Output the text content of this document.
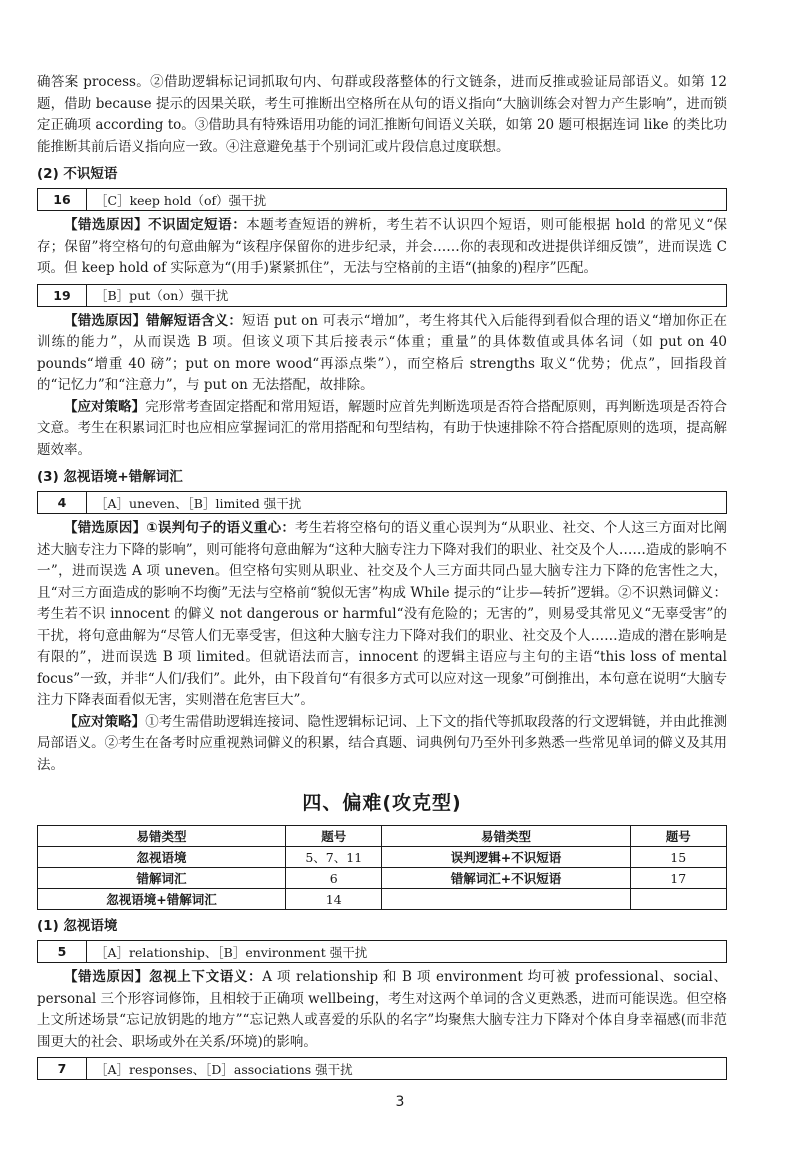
确答案 process。②借助逻辑标记词抓取句内、句群或段落整体的行文链条，进而反推或验证局部语义。如第 12 题，借助 because 提示的因果关联，考生可推断出空格所在从句的语义指向“大脑训练会对智力产生影响”，进而锁定正确项 according to。③借助具有特殊语用功能的词汇推断句间语义关联，如第 20 题可根据连词 like 的类比功能推断其前后语义指向应一致。④注意避免基于个别词汇或片段信息过度联想。

(2) 不识短语
16	［C］keep hold（of）强干扰

【错选原因】不识固定短语：本题考查短语的辨析，考生若不认识四个短语，则可能根据 hold 的常见义“保存；保留”将空格句的句意曲解为“该程序保留你的进步纪录，并会……你的表现和改进提供详细反馈”，进而误选 C 项。但 keep hold of 实际意为“(用手)紧紧抓住”，无法与空格前的主语“(抽象的)程序”匹配。

19	［B］put（on）强干扰

【错选原因】错解短语含义：短语 put on 可表示“增加”，考生将其代入后能得到看似合理的语义“增加你正在训练的能力”，从而误选 B 项。但该义项下其后接表示“体重；重量”的具体数值或具体名词（如 put on 40 pounds“增重 40 磅”；put on more wood“再添点柴”），而空格后 strengths 取义“优势；优点”，回指段首的“记忆力”和“注意力”，与 put on 无法搭配，故排除。

【应对策略】完形常考查固定搭配和常用短语，解题时应首先判断选项是否符合搭配原则，再判断选项是否符合文意。考生在积累词汇时也应相应掌握词汇的常用搭配和句型结构，有助于快速排除不符合搭配原则的选项，提高解题效率。

(3) 忽视语境+错解词汇
4	［A］uneven、［B］limited 强干扰

【错选原因】①误判句子的语义重心：考生若将空格句的语义重心误判为“从职业、社交、个人这三方面对比阐述大脑专注力下降的影响”，则可能将句意曲解为“这种大脑专注力下降对我们的职业、社交及个人……造成的影响不一”，进而误选 A 项 uneven。但空格句实则从职业、社交及个人三方面共同凸显大脑专注力下降的危害性之大，且“对三方面造成的影响不均衡”无法与空格前“貌似无害”构成 While 提示的“让步—转折”逻辑。②不识熟词僻义：考生若不识 innocent 的僻义 not dangerous or harmful“没有危险的；无害的”，则易受其常见义“无辜受害”的干扰，将句意曲解为“尽管人们无辜受害，但这种大脑专注力下降对我们的职业、社交及个人……造成的潜在影响是有限的”，进而误选 B 项 limited。但就语法而言，innocent 的逻辑主语应与主句的主语“this loss of mental focus”一致，并非“人们/我们”。此外，由下段首句“有很多方式可以应对这一现象”可倒推出，本句意在说明“大脑专注力下降表面看似无害，实则潜在危害巨大”。

【应对策略】①考生需借助逻辑连接词、隐性逻辑标记词、上下文的指代等抓取段落的行文逻辑链，并由此推测局部语义。②考生在备考时应重视熟词僻义的积累，结合真题、词典例句乃至外刊多熟悉一些常见单词的僻义及其用法。

四、偏难(攻克型)
易错类型	题号	易错类型	题号
忽视语境	5、7、11	误判逻辑+不识短语	15
错解词汇	6	错解词汇+不识短语	17
忽视语境+错解词汇	14		
(1) 忽视语境
5	［A］relationship、［B］environment 强干扰

【错选原因】忽视上下文语义：A 项 relationship 和 B 项 environment 均可被 professional、social、personal 三个形容词修饰，且相较于正确项 wellbeing，考生对这两个单词的含义更熟悉，进而可能误选。但空格上文所述场景“忘记放钥匙的地方”“忘记熟人或喜爱的乐队的名字”均聚焦大脑专注力下降对个体自身幸福感(而非范围更大的社会、职场或外在关系/环境)的影响。

7	［A］responses、［D］associations 强干扰
3
